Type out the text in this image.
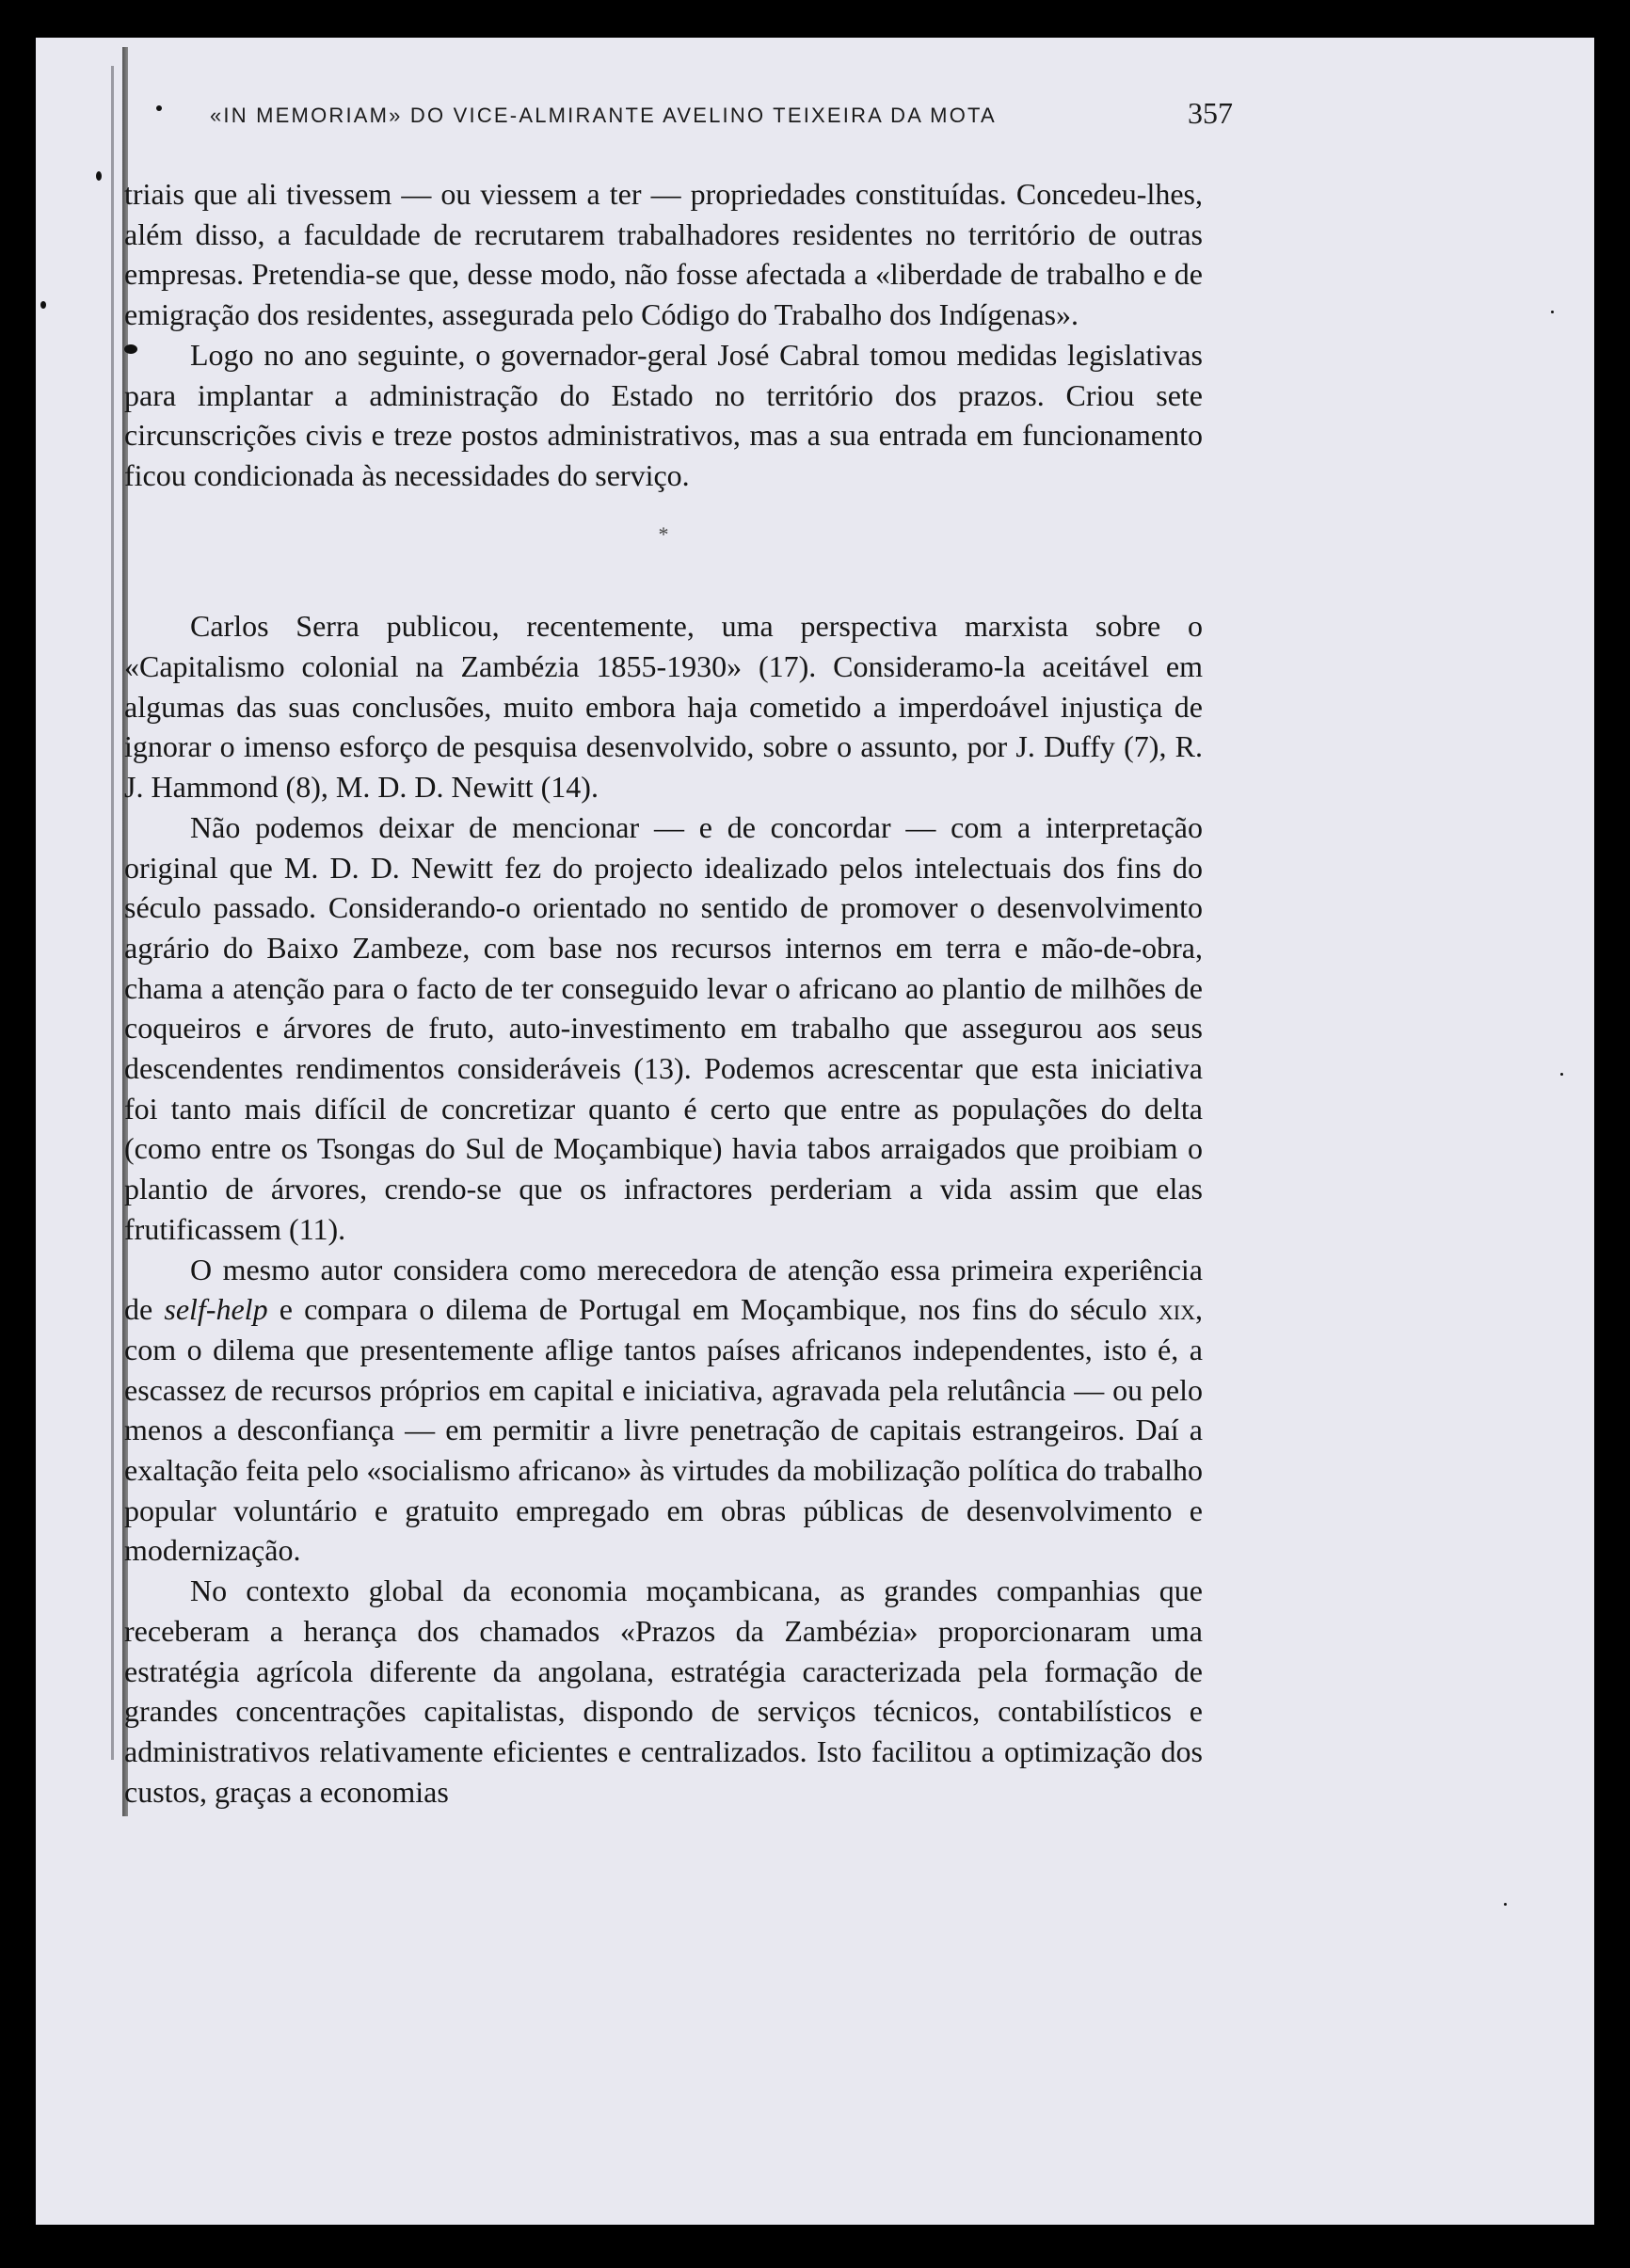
«IN MEMORIAM» DO VICE-ALMIRANTE AVELINO TEIXEIRA DA MOTA	357

triais que ali tivessem — ou viessem a ter — propriedades constituídas. Concedeu-lhes, além disso, a faculdade de recrutarem trabalhadores residentes no território de outras empresas. Pretendia-se que, desse modo, não fosse afectada a «liberdade de trabalho e de emigração dos residentes, assegurada pelo Código do Trabalho dos Indígenas».

Logo no ano seguinte, o governador-geral José Cabral tomou medidas legislativas para implantar a administração do Estado no território dos prazos. Criou sete circunscrições civis e treze postos administrativos, mas a sua entrada em funcionamento ficou condicionada às necessidades do serviço.

*

Carlos Serra publicou, recentemente, uma perspectiva marxista sobre o «Capitalismo colonial na Zambézia 1855-1930» (17). Consideramo-la aceitável em algumas das suas conclusões, muito embora haja cometido a imperdoável injustiça de ignorar o imenso esforço de pesquisa desenvolvido, sobre o assunto, por J. Duffy (7), R. J. Hammond (8), M. D. D. Newitt (14).

Não podemos deixar de mencionar — e de concordar — com a interpretação original que M. D. D. Newitt fez do projecto idealizado pelos intelectuais dos fins do século passado. Considerando-o orientado no sentido de promover o desenvolvimento agrário do Baixo Zambeze, com base nos recursos internos em terra e mão-de-obra, chama a atenção para o facto de ter conseguido levar o africano ao plantio de milhões de coqueiros e árvores de fruto, auto-investimento em trabalho que assegurou aos seus descendentes rendimentos consideráveis (13). Podemos acrescentar que esta iniciativa foi tanto mais difícil de concretizar quanto é certo que entre as populações do delta (como entre os Tsongas do Sul de Moçambique) havia tabos arraigados que proibiam o plantio de árvores, crendo-se que os infractores perderiam a vida assim que elas frutificassem (11).

O mesmo autor considera como merecedora de atenção essa primeira experiência de self-help e compara o dilema de Portugal em Moçambique, nos fins do século xix, com o dilema que presentemente aflige tantos países africanos independentes, isto é, a escassez de recursos próprios em capital e iniciativa, agravada pela relutância — ou pelo menos a desconfiança — em permitir a livre penetração de capitais estrangeiros. Daí a exaltação feita pelo «socialismo africano» às virtudes da mobilização política do trabalho popular voluntário e gratuito empregado em obras públicas de desenvolvimento e modernização.

No contexto global da economia moçambicana, as grandes companhias que receberam a herança dos chamados «Prazos da Zambézia» proporcionaram uma estratégia agrícola diferente da angolana, estratégia caracterizada pela formação de grandes concentrações capitalistas, dispondo de serviços técnicos, contabilísticos e administrativos relativamente eficientes e centralizados. Isto facilitou a optimização dos custos, graças a economias
